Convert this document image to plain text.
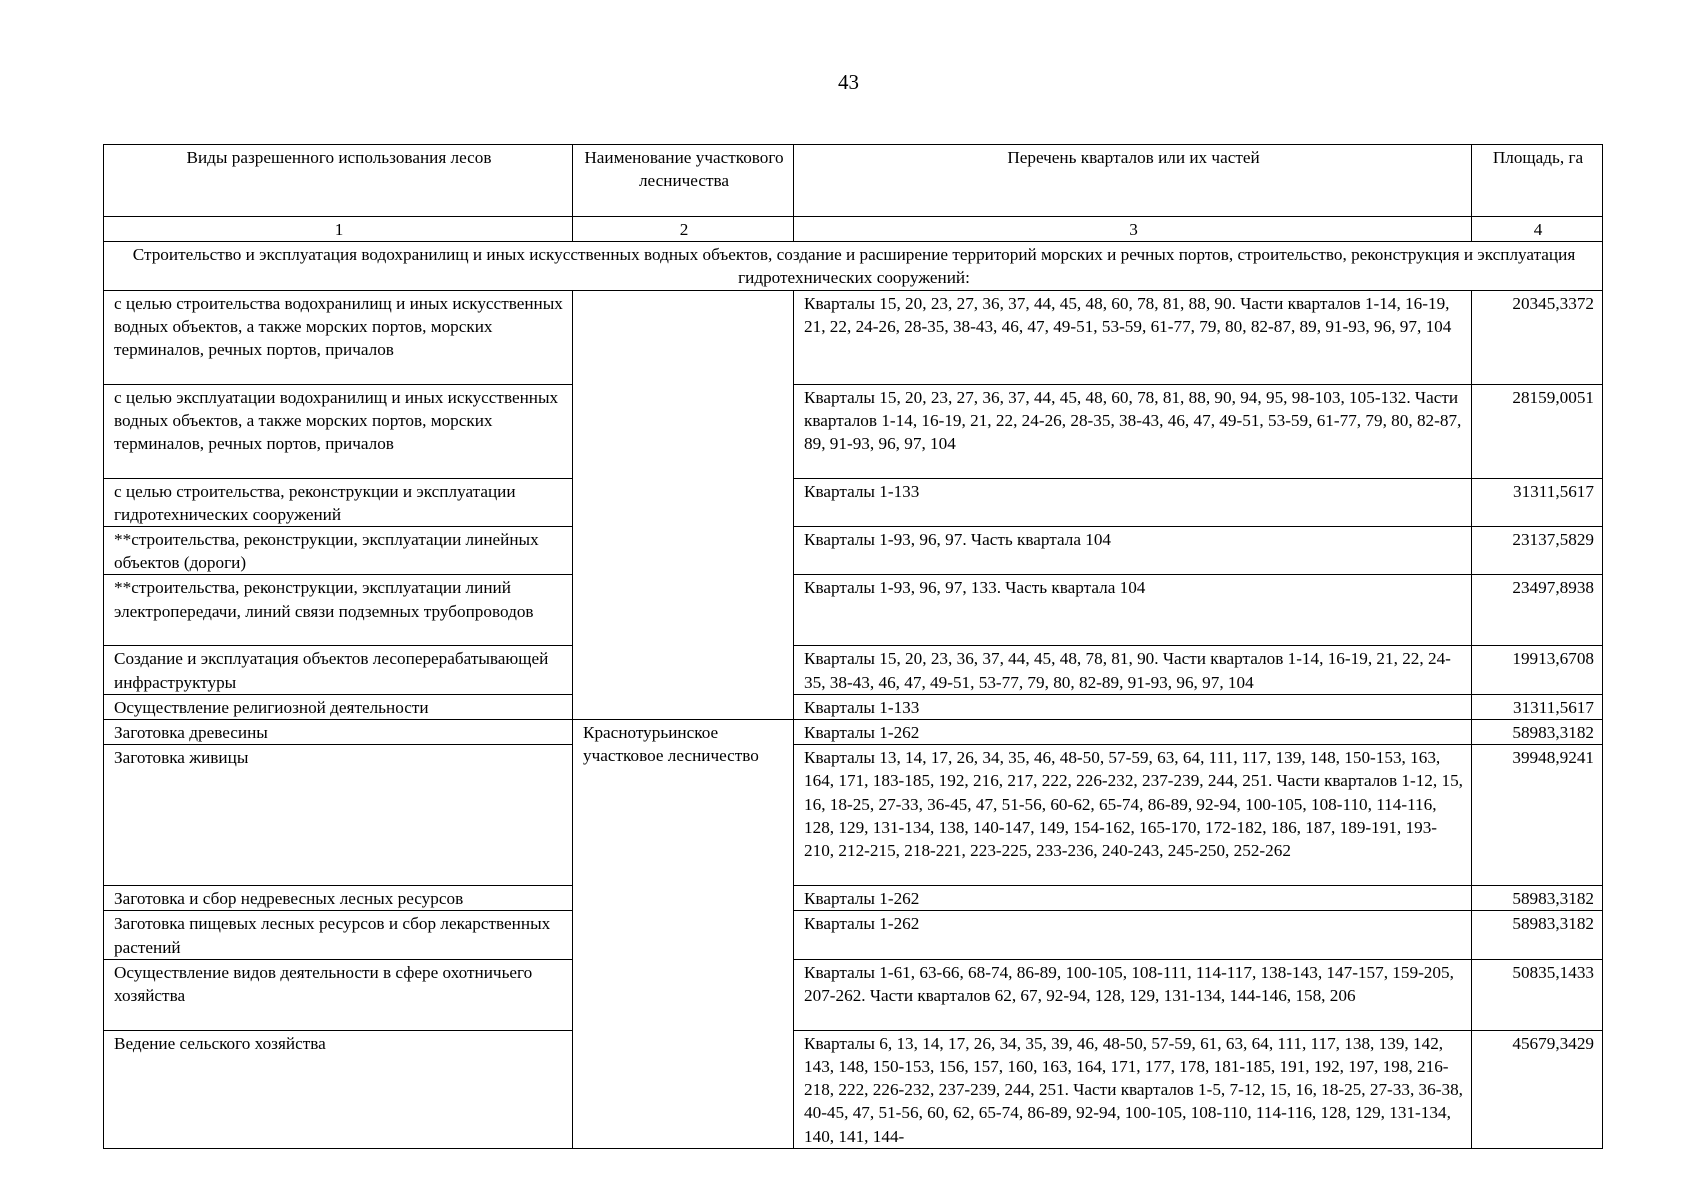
43
Виды разрешенного использования лесов	Наименование участкового лесничества	Перечень кварталов или их частей	Площадь, га
1	2	3	4
Строительство и эксплуатация водохранилищ и иных искусственных водных объектов, создание и расширение территорий морских и речных портов, строительство, реконструкция и эксплуатация гидротехнических сооружений:			
с целью строительства водохранилищ и иных искусственных водных объектов, а также морских портов, морских терминалов, речных портов, причалов		Кварталы 15, 20, 23, 27, 36, 37, 44, 45, 48, 60, 78, 81, 88, 90. Части кварталов 1-14, 16-19, 21, 22, 24-26, 28-35, 38-43, 46, 47, 49-51, 53-59, 61-77, 79, 80, 82-87, 89, 91-93, 96, 97, 104	20345,3372
с целью эксплуатации водохранилищ и иных искусственных водных объектов, а также морских портов, морских терминалов, речных портов, причалов		Кварталы 15, 20, 23, 27, 36, 37, 44, 45, 48, 60, 78, 81, 88, 90, 94, 95, 98-103, 105-132. Части кварталов 1-14, 16-19, 21, 22, 24-26, 28-35, 38-43, 46, 47, 49-51, 53-59, 61-77, 79, 80, 82-87, 89, 91-93, 96, 97, 104	28159,0051
с целью строительства, реконструкции и эксплуатации гидротехнических сооружений		Кварталы 1-133	31311,5617
**строительства, реконструкции, эксплуатации линейных объектов (дороги)		Кварталы 1-93, 96, 97. Часть квартала 104	23137,5829
**строительства, реконструкции, эксплуатации линий электропередачи, линий связи подземных трубопроводов		Кварталы 1-93, 96, 97, 133. Часть квартала 104	23497,8938
Создание и эксплуатация объектов лесоперерабатывающей инфраструктуры		Кварталы 15, 20, 23, 36, 37, 44, 45, 48, 78, 81, 90. Части кварталов 1-14, 16-19, 21, 22, 24-35, 38-43, 46, 47, 49-51, 53-77, 79, 80, 82-89, 91-93, 96, 97, 104	19913,6708
Осуществление религиозной деятельности		Кварталы 1-133	31311,5617
Заготовка древесины	Краснотурьинское участковое лесничество	Кварталы 1-262	58983,3182
Заготовка живицы		Кварталы 13, 14, 17, 26, 34, 35, 46, 48-50, 57-59, 63, 64, 111, 117, 139, 148, 150-153, 163, 164, 171, 183-185, 192, 216, 217, 222, 226-232, 237-239, 244, 251. Части кварталов 1-12, 15, 16, 18-25, 27-33, 36-45, 47, 51-56, 60-62, 65-74, 86-89, 92-94, 100-105, 108-110, 114-116, 128, 129, 131-134, 138, 140-147, 149, 154-162, 165-170, 172-182, 186, 187, 189-191, 193-210, 212-215, 218-221, 223-225, 233-236, 240-243, 245-250, 252-262	39948,9241
Заготовка и сбор недревесных лесных ресурсов		Кварталы 1-262	58983,3182
Заготовка пищевых лесных ресурсов и сбор лекарственных растений		Кварталы 1-262	58983,3182
Осуществление видов деятельности в сфере охотничьего хозяйства		Кварталы 1-61, 63-66, 68-74, 86-89, 100-105, 108-111, 114-117, 138-143, 147-157, 159-205, 207-262. Части кварталов 62, 67, 92-94, 128, 129, 131-134, 144-146, 158, 206	50835,1433
Ведение сельского хозяйства		Кварталы 6, 13, 14, 17, 26, 34, 35, 39, 46, 48-50, 57-59, 61, 63, 64, 111, 117, 138, 139, 142, 143, 148, 150-153, 156, 157, 160, 163, 164, 171, 177, 178, 181-185, 191, 192, 197, 198, 216-218, 222, 226-232, 237-239, 244, 251. Части кварталов 1-5, 7-12, 15, 16, 18-25, 27-33, 36-38, 40-45, 47, 51-56, 60, 62, 65-74, 86-89, 92-94, 100-105, 108-110, 114-116, 128, 129, 131-134, 140, 141, 144-	45679,3429
